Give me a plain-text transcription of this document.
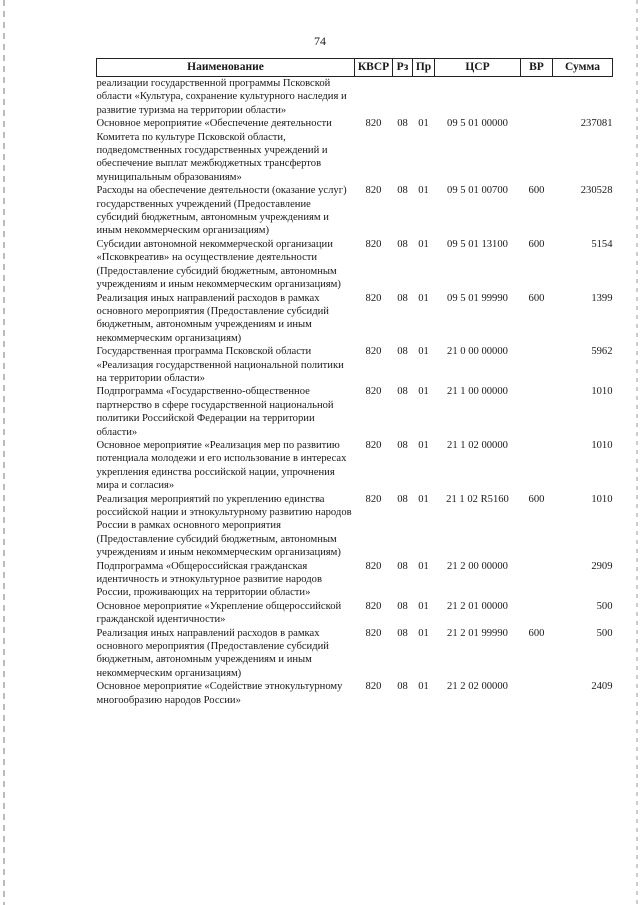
74
Наименование	КВСР	Рз	Пр	ЦСР	ВР	Сумма
реализации государственной программы Псковской области «Культура, сохранение культурного наследия и развитие туризма на территории области»						
Основное мероприятие «Обеспечение деятельности Комитета по культуре Псковской области, подведомственных государственных учреждений и обеспечение выплат межбюджетных трансфертов муниципальным образованиям»	820	08	01	09 5 01 00000		237081
Расходы на обеспечение деятельности (оказание услуг) государственных учреждений (Предоставление субсидий бюджетным, автономным учреждениям и иным некоммерческим организациям)	820	08	01	09 5 01 00700	600	230528
Субсидии автономной некоммерческой организации «Псковкреатив» на осуществление деятельности (Предоставление субсидий бюджетным, автономным учреждениям и иным некоммерческим организациям)	820	08	01	09 5 01 13100	600	5154
Реализация иных направлений расходов в рамках основного мероприятия (Предоставление субсидий бюджетным, автономным учреждениям и иным некоммерческим организациям)	820	08	01	09 5 01 99990	600	1399
Государственная программа Псковской области «Реализация государственной национальной политики на территории области»	820	08	01	21 0 00 00000		5962
Подпрограмма «Государственно-общественное партнерство в сфере государственной национальной политики Российской Федерации на территории области»	820	08	01	21 1 00 00000		1010
Основное мероприятие «Реализация мер по развитию потенциала молодежи и его использование в интересах укрепления единства российской нации, упрочнения мира и согласия»	820	08	01	21 1 02 00000		1010
Реализация мероприятий по укреплению единства российской нации и этнокультурному развитию народов России в рамках основного мероприятия (Предоставление субсидий бюджетным, автономным учреждениям и иным некоммерческим организациям)	820	08	01	21 1 02 R5160	600	1010
Подпрограмма «Общероссийская гражданская идентичность и этнокультурное развитие народов России, проживающих на территории области»	820	08	01	21 2 00 00000		2909
Основное мероприятие «Укрепление общероссийской гражданской идентичности»	820	08	01	21 2 01 00000		500
Реализация иных направлений расходов в рамках основного мероприятия (Предоставление субсидий бюджетным, автономным учреждениям и иным некоммерческим организациям)	820	08	01	21 2 01 99990	600	500
Основное мероприятие «Содействие этнокультурному многообразию народов России»	820	08	01	21 2 02 00000		2409
